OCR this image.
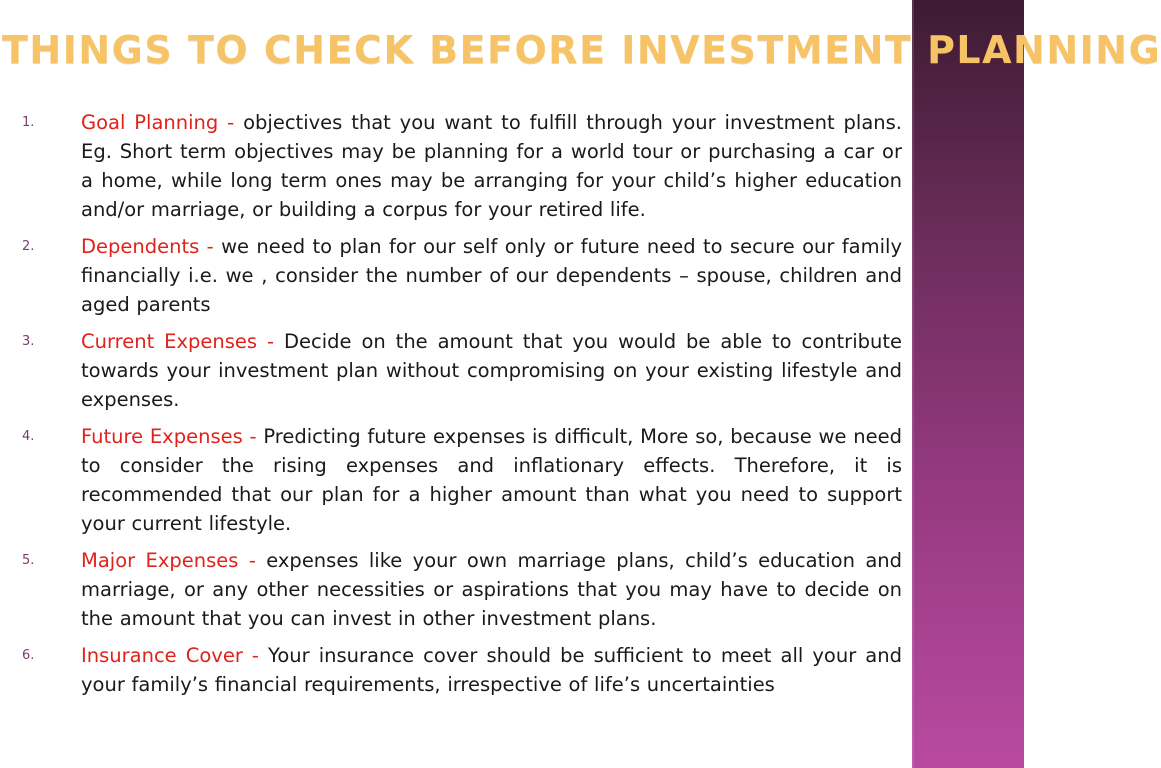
THINGS TO CHECK BEFORE INVESTMENT PLANNING
1. Goal Planning - objectives that you want to fulfill through your investment plans. Eg. Short term objectives may be planning for a world tour or purchasing a car or a home, while long term ones may be arranging for your child’s higher education and/or marriage, or building a corpus for your retired life.

2. Dependents - we need to plan for our self only or future need to secure our family financially i.e. we , consider the number of our dependents – spouse, children and aged parents

3. Current Expenses - Decide on the amount that you would be able to contribute towards your investment plan without compromising on your existing lifestyle and expenses.

4. Future Expenses - Predicting future expenses is difficult, More so, because we need to consider the rising expenses and inflationary effects. Therefore, it is recommended that our plan for a higher amount than what you need to support your current lifestyle.

5. Major Expenses - expenses like your own marriage plans, child’s education and marriage, or any other necessities or aspirations that you may have to decide on the amount that you can invest in other investment plans.

6. Insurance Cover - Your insurance cover should be sufficient to meet all your and your family’s financial requirements, irrespective of life’s uncertainties
